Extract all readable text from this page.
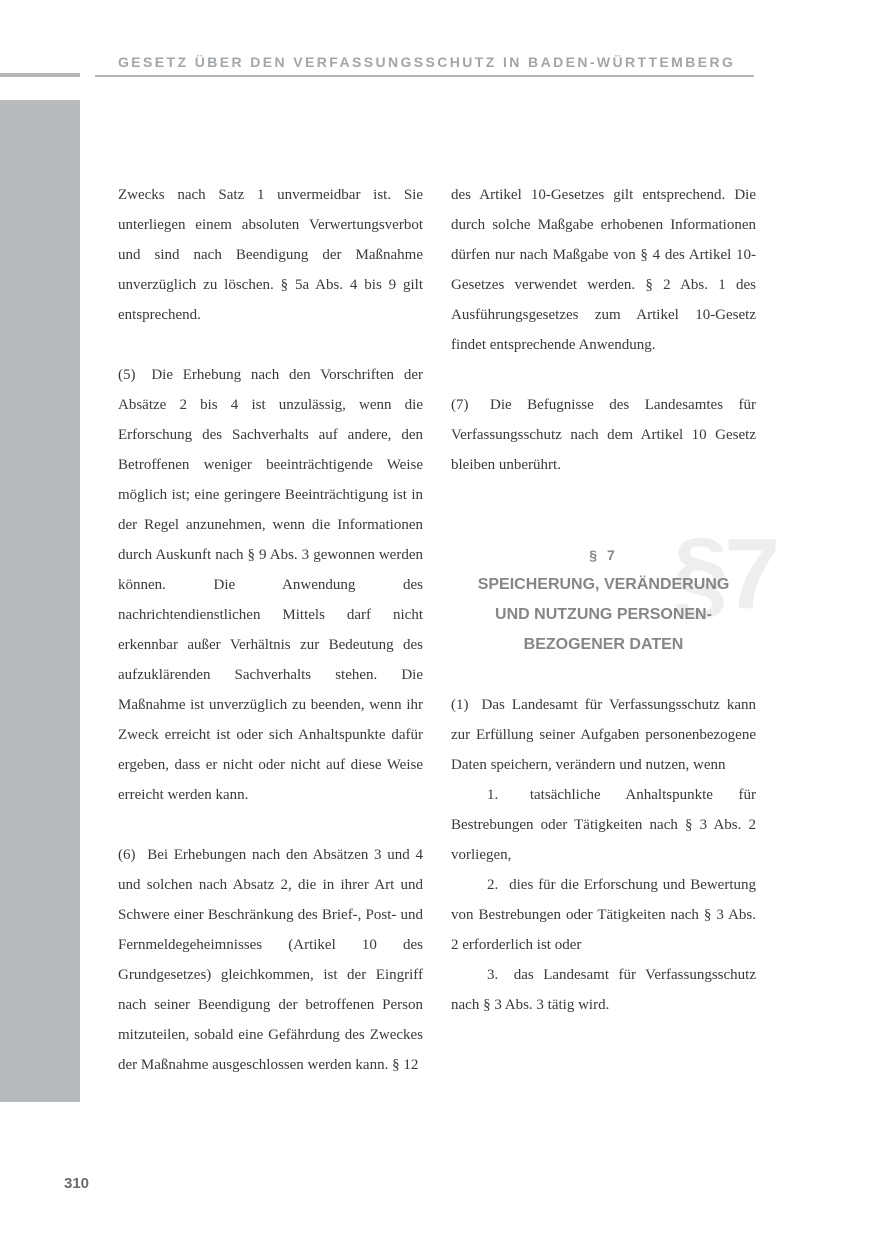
GESETZ ÜBER DEN VERFASSUNGSSCHUTZ IN BADEN-WÜRTTEMBERG

Zwecks nach Satz 1 unvermeidbar ist. Sie unterliegen einem absoluten Verwertungsverbot und sind nach Beendigung der Maßnahme unverzüglich zu löschen. § 5a Abs. 4 bis 9 gilt entsprechend.

(5) Die Erhebung nach den Vorschriften der Absätze 2 bis 4 ist unzulässig, wenn die Erforschung des Sachverhalts auf andere, den Betroffenen weniger beeinträchtigende Weise möglich ist; eine geringere Beeinträchtigung ist in der Regel anzunehmen, wenn die Informationen durch Auskunft nach § 9 Abs. 3 gewonnen werden können. Die Anwendung des nachrichtendienstlichen Mittels darf nicht erkennbar außer Verhältnis zur Bedeutung des aufzuklärenden Sachverhalts stehen. Die Maßnahme ist unverzüglich zu beenden, wenn ihr Zweck erreicht ist oder sich Anhaltspunkte dafür ergeben, dass er nicht oder nicht auf diese Weise erreicht werden kann.

(6) Bei Erhebungen nach den Absätzen 3 und 4 und solchen nach Absatz 2, die in ihrer Art und Schwere einer Beschränkung des Brief-, Post- und Fernmeldegeheimnisses (Artikel 10 des Grundgesetzes) gleichkommen, ist der Eingriff nach seiner Beendigung der betroffenen Person mitzuteilen, sobald eine Gefährdung des Zweckes der Maßnahme ausgeschlossen werden kann. § 12

des Artikel 10-Gesetzes gilt entsprechend. Die durch solche Maßgabe erhobenen Informationen dürfen nur nach Maßgabe von § 4 des Artikel 10-Gesetzes verwendet werden. § 2 Abs. 1 des Ausführungsgesetzes zum Artikel 10-Gesetz findet entsprechende Anwendung.

(7) Die Befugnisse des Landesamtes für Verfassungsschutz nach dem Artikel 10 Gesetz bleiben unberührt.

§7
§ 7

SPEICHERUNG, VERÄNDERUNG

UND NUTZUNG PERSONEN-

BEZOGENER DATEN

(1) Das Landesamt für Verfassungsschutz kann zur Erfüllung seiner Aufgaben personenbezogene Daten speichern, verändern und nutzen, wenn

1. tatsächliche Anhaltspunkte für Bestrebungen oder Tätigkeiten nach § 3 Abs. 2 vorliegen,

2. dies für die Erforschung und Bewertung von Bestrebungen oder Tätigkeiten nach § 3 Abs. 2 erforderlich ist oder

3. das Landesamt für Verfassungsschutz nach § 3 Abs. 3 tätig wird.

310
